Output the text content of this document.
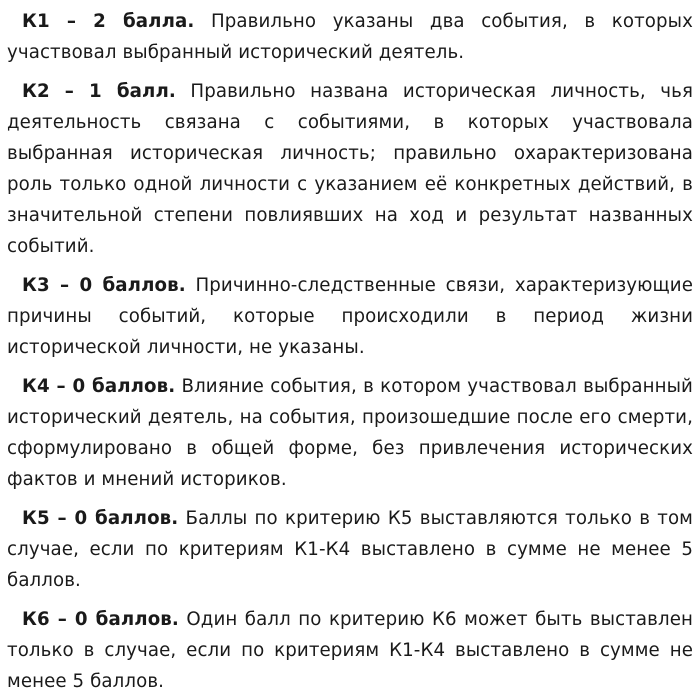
К1 – 2 балла. Правильно указаны два события, в которых участвовал выбранный исторический деятель.

К2 – 1 балл. Правильно названа историческая личность, чья деятельность связана с событиями, в которых участвовала выбранная историческая личность; правильно охарактеризована роль только одной личности с указанием её конкретных действий, в значительной степени повлиявших на ход и результат названных событий.

К3 – 0 баллов. Причинно-следственные связи, характеризующие причины событий, которые происходили в период жизни исторической личности, не указаны.

К4 – 0 баллов. Влияние события, в котором участвовал выбранный исторический деятель, на события, произошедшие после его смерти, сформулировано в общей форме, без привлечения исторических фактов и мнений историков.

К5 – 0 баллов. Баллы по критерию К5 выставляются только в том случае, если по критериям К1-К4 выставлено в сумме не менее 5 баллов.

К6 – 0 баллов. Один балл по критерию К6 может быть выставлен только в случае, если по критериям К1-К4 выставлено в сумме не менее 5 баллов.
